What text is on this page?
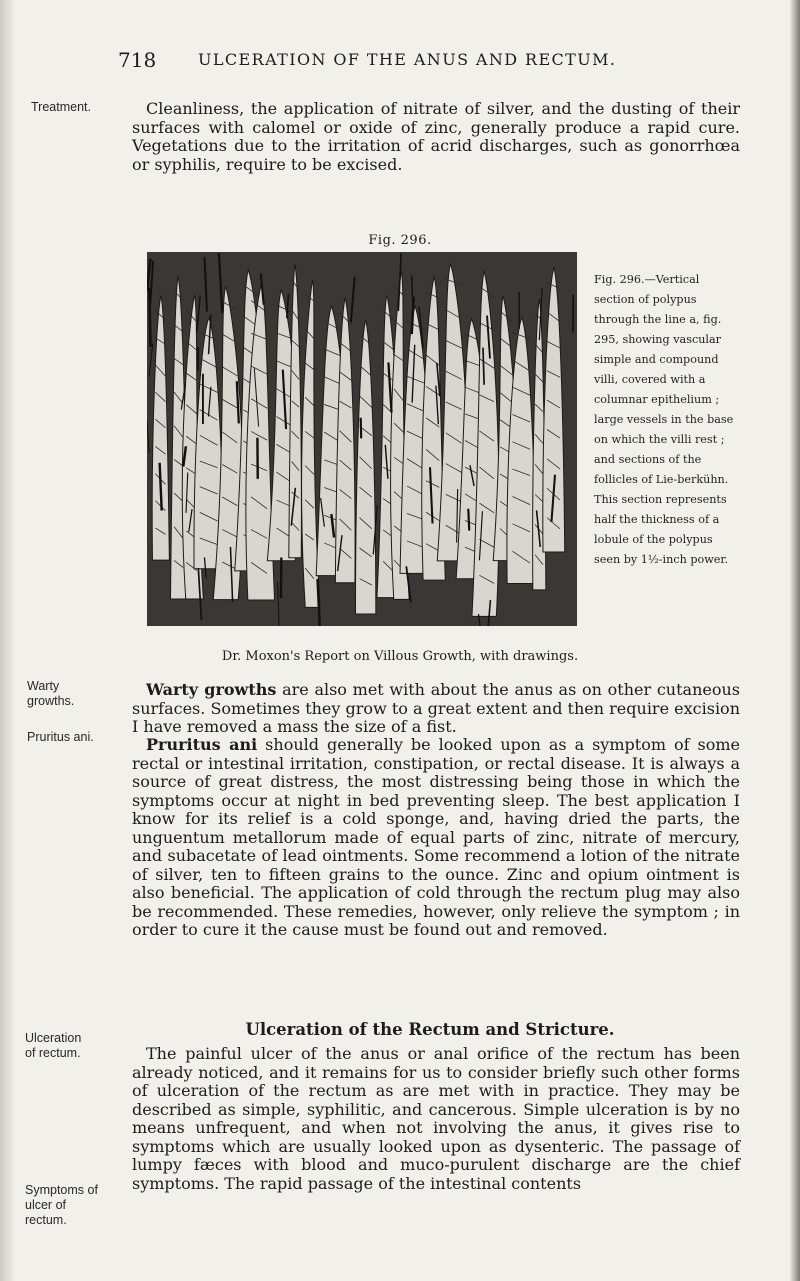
718	ULCERATION OF THE ANUS AND RECTUM.
Treatment.
Warty
growths.
Pruritus ani.
Ulceration
of rectum.
Symptoms of
ulcer of
rectum.

Cleanliness, the application of nitrate of silver, and the dusting of their surfaces with calomel or oxide of zinc, generally produce a rapid cure. Vegetations due to the irritation of acrid discharges, such as gonorrhœa or syphilis, require to be excised.

Fig. 296.
Fig. 296.—Vertical section of polypus through the line a, fig. 295, showing vascular simple and compound villi, covered with a columnar epithelium ; large vessels in the base on which the villi rest ; and sections of the follicles of Lie-berkühn. This section represents half the thickness of a lobule of the polypus seen by 1½-inch power.
Dr. Moxon's Report on Villous Growth, with drawings.

Warty growths are also met with about the anus as on other cutaneous surfaces. Sometimes they grow to a great extent and then require excision I have removed a mass the size of a fist.

Pruritus ani should generally be looked upon as a symptom of some rectal or intestinal irritation, constipation, or rectal disease. It is always a source of great distress, the most distressing being those in which the symptoms occur at night in bed preventing sleep. The best application I know for its relief is a cold sponge, and, having dried the parts, the unguentum metallorum made of equal parts of zinc, nitrate of mercury, and subacetate of lead ointments. Some recommend a lotion of the nitrate of silver, ten to fifteen grains to the ounce. Zinc and opium ointment is also beneficial. The application of cold through the rectum plug may also be recommended. These remedies, however, only relieve the symptom ; in order to cure it the cause must be found out and removed.

Ulceration of the Rectum and Stricture.

The painful ulcer of the anus or anal orifice of the rectum has been already noticed, and it remains for us to consider briefly such other forms of ulceration of the rectum as are met with in practice. They may be described as simple, syphilitic, and cancerous. Simple ulceration is by no means unfrequent, and when not involving the anus, it gives rise to symptoms which are usually looked upon as dysenteric. The passage of lumpy fæces with blood and muco-purulent discharge are the chief symptoms. The rapid passage of the intestinal contents
